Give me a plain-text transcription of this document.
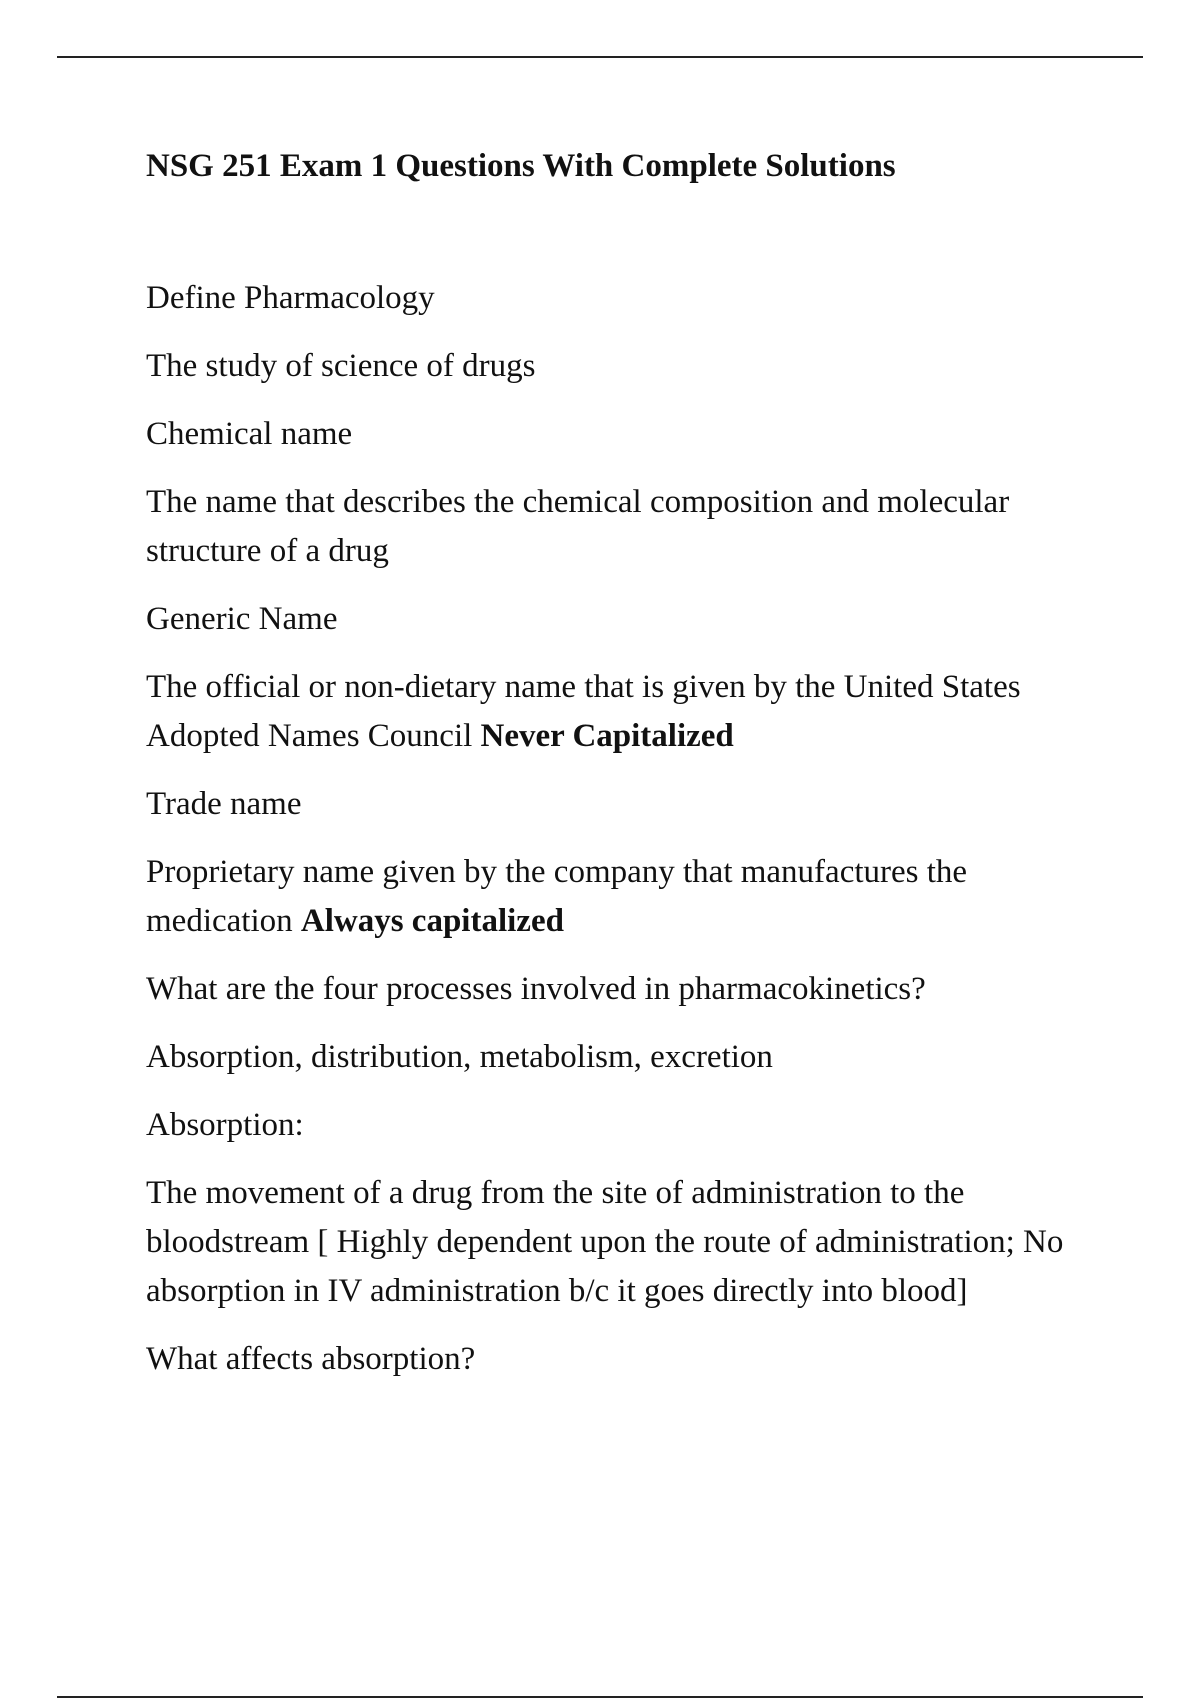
NSG 251 Exam 1 Questions With Complete Solutions

Define Pharmacology

The study of science of drugs

Chemical name

The name that describes the chemical composition and molecular structure of a drug

Generic Name

The official or non-dietary name that is given by the United States Adopted Names Council Never Capitalized

Trade name

Proprietary name given by the company that manufactures the medication Always capitalized

What are the four processes involved in pharmacokinetics?

Absorption, distribution, metabolism, excretion

Absorption:

The movement of a drug from the site of administration to the bloodstream [ Highly dependent upon the route of administration; No absorption in IV administration b/c it goes directly into blood]

What affects absorption?
